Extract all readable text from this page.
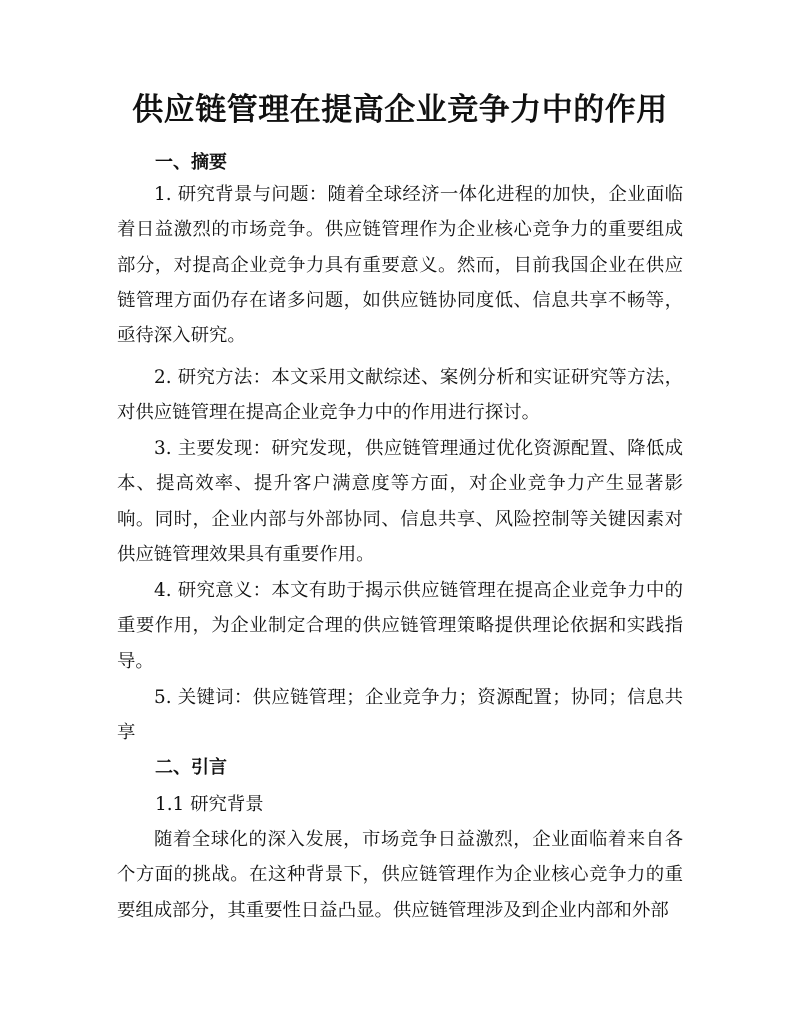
供应链管理在提高企业竞争力中的作用
一、摘要
1. 研究背景与问题：随着全球经济一体化进程的加快，企业面临着日益激烈的市场竞争。供应链管理作为企业核心竞争力的重要组成部分，对提高企业竞争力具有重要意义。然而，目前我国企业在供应链管理方面仍存在诸多问题，如供应链协同度低、信息共享不畅等，亟待深入研究。
2. 研究方法：本文采用文献综述、案例分析和实证研究等方法，对供应链管理在提高企业竞争力中的作用进行探讨。
3. 主要发现：研究发现，供应链管理通过优化资源配置、降低成本、提高效率、提升客户满意度等方面，对企业竞争力产生显著影响。同时，企业内部与外部协同、信息共享、风险控制等关键因素对供应链管理效果具有重要作用。
4. 研究意义：本文有助于揭示供应链管理在提高企业竞争力中的重要作用，为企业制定合理的供应链管理策略提供理论依据和实践指导。
5. 关键词：供应链管理；企业竞争力；资源配置；协同；信息共享
二、引言
1.1 研究背景
随着全球化的深入发展，市场竞争日益激烈，企业面临着来自各个方面的挑战。在这种背景下，供应链管理作为企业核心竞争力的重要组成部分，其重要性日益凸显。供应链管理涉及到企业内部和外部
